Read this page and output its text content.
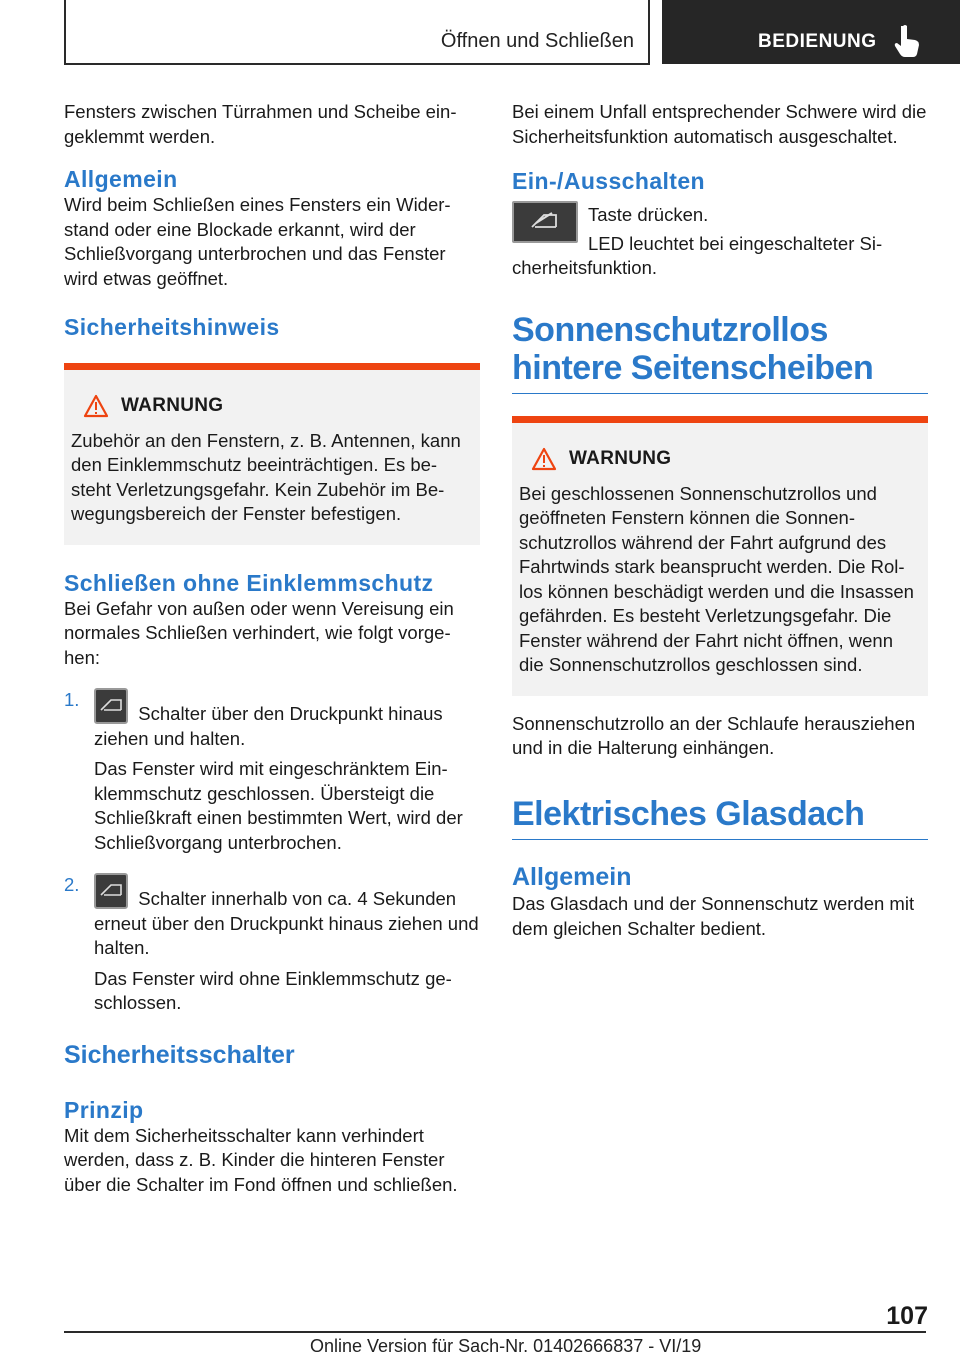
Öffnen und Schließen	BEDIENUNG

Fensters zwischen Türrahmen und Scheibe eingeklemmt werden.

Allgemein

Wird beim Schließen eines Fensters ein Widerstand oder eine Blockade erkannt, wird der Schließvorgang unterbrochen und das Fenster wird etwas geöffnet.

Sicherheitshinweis
WARNUNG

Zubehör an den Fenstern, z. B. Antennen, kann den Einklemmschutz beeinträchtigen. Es besteht Verletzungsgefahr. Kein Zubehör im Bewegungsbereich der Fenster befestigen.

Schließen ohne Einklemmschutz

Bei Gefahr von außen oder wenn Vereisung ein normales Schließen verhindert, wie folgt vorgehen:

1.

Schalter über den Druckpunkt hinaus ziehen und halten.

Das Fenster wird mit eingeschränktem Einklemmschutz geschlossen. Übersteigt die Schließkraft einen bestimmten Wert, wird der Schließvorgang unterbrochen.

2.

Schalter innerhalb von ca. 4 Sekunden erneut über den Druckpunkt hinaus ziehen und halten.

Das Fenster wird ohne Einklemmschutz geschlossen.

Sicherheitsschalter
Prinzip

Mit dem Sicherheitsschalter kann verhindert werden, dass z. B. Kinder die hinteren Fenster über die Schalter im Fond öffnen und schließen.

Bei einem Unfall entsprechender Schwere wird die Sicherheitsfunktion automatisch ausgeschaltet.

Ein-/Ausschalten

Taste drücken.

LED leuchtet bei eingeschalteter Sicherheitsfunktion.

Sonnenschutzrollos hintere Seitenscheiben
WARNUNG

Bei geschlossenen Sonnenschutzrollos und geöffneten Fenstern können die Sonnenschutzrollos während der Fahrt aufgrund des Fahrtwinds stark beansprucht werden. Die Rollos können beschädigt werden und die Insassen gefährden. Es besteht Verletzungsgefahr. Die Fenster während der Fahrt nicht öffnen, wenn die Sonnenschutzrollos geschlossen sind.

Sonnenschutzrollo an der Schlaufe herausziehen und in die Halterung einhängen.

Elektrisches Glasdach
Allgemein

Das Glasdach und der Sonnenschutz werden mit dem gleichen Schalter bedient.

107
Online Version für Sach-Nr. 01402666837 - VI/19
